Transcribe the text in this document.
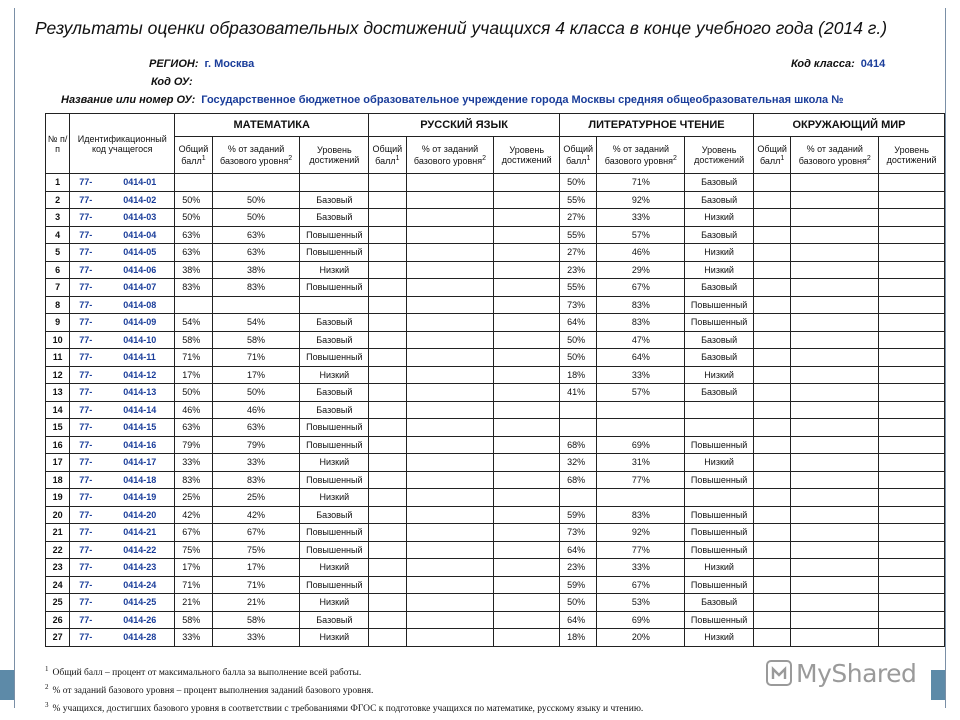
Результаты оценки образовательных достижений учащихся 4 класса в конце учебного года (2014 г.)
РЕГИОН: г. Москва	Код класса: 0414
Код ОУ:
Название или номер ОУ: Государственное бюджетное образовательное учреждение города Москвы средняя общеобразовательная школа №
№ п/п	Идентификационный код учащегося	МАТЕМАТИКА			РУССКИЙ ЯЗЫК			ЛИТЕРАТУРНОЕ ЧТЕНИЕ			ОКРУЖАЮЩИЙ МИР		
		Общий балл$^1$	% от заданий базового уровня$^2$	Уровень достижений	Общий балл$^1$	% от заданий базового уровня$^2$	Уровень достижений	Общий балл$^1$	% от заданий базового уровня$^2$	Уровень достижений	Общий балл$^1$	% от заданий базового уровня$^2$	Уровень достижений
1	77- 0414-01							50%	71%	Базовый			
2	77- 0414-02	50%	50%	Базовый				55%	92%	Базовый			
3	77- 0414-03	50%	50%	Базовый				27%	33%	Низкий			
4	77- 0414-04	63%	63%	Повышенный				55%	57%	Базовый			
5	77- 0414-05	63%	63%	Повышенный				27%	46%	Низкий			
6	77- 0414-06	38%	38%	Низкий				23%	29%	Низкий			
7	77- 0414-07	83%	83%	Повышенный				55%	67%	Базовый			
8	77- 0414-08							73%	83%	Повышенный			
9	77- 0414-09	54%	54%	Базовый				64%	83%	Повышенный			
10	77- 0414-10	58%	58%	Базовый				50%	47%	Базовый			
11	77- 0414-11	71%	71%	Повышенный				50%	64%	Базовый			
12	77- 0414-12	17%	17%	Низкий				18%	33%	Низкий			
13	77- 0414-13	50%	50%	Базовый				41%	57%	Базовый			
14	77- 0414-14	46%	46%	Базовый									
15	77- 0414-15	63%	63%	Повышенный									
16	77- 0414-16	79%	79%	Повышенный				68%	69%	Повышенный			
17	77- 0414-17	33%	33%	Низкий				32%	31%	Низкий			
18	77- 0414-18	83%	83%	Повышенный				68%	77%	Повышенный			
19	77- 0414-19	25%	25%	Низкий									
20	77- 0414-20	42%	42%	Базовый				59%	83%	Повышенный			
21	77- 0414-21	67%	67%	Повышенный				73%	92%	Повышенный			
22	77- 0414-22	75%	75%	Повышенный				64%	77%	Повышенный			
23	77- 0414-23	17%	17%	Низкий				23%	33%	Низкий			
24	77- 0414-24	71%	71%	Повышенный				59%	67%	Повышенный			
25	77- 0414-25	21%	21%	Низкий				50%	53%	Базовый			
26	77- 0414-26	58%	58%	Базовый				64%	69%	Повышенный			
27	77- 0414-28	33%	33%	Низкий				18%	20%	Низкий			
$^1$ Общий балл – процент от максимального балла за выполнение всей работы.
$^2$ % от заданий базового уровня – процент выполнения заданий базового уровня.
$^3$ % учащихся, достигших базового уровня в соответствии с требованиями ФГОС к подготовке учащихся по математике, русскому языку и чтению.
MyShared
